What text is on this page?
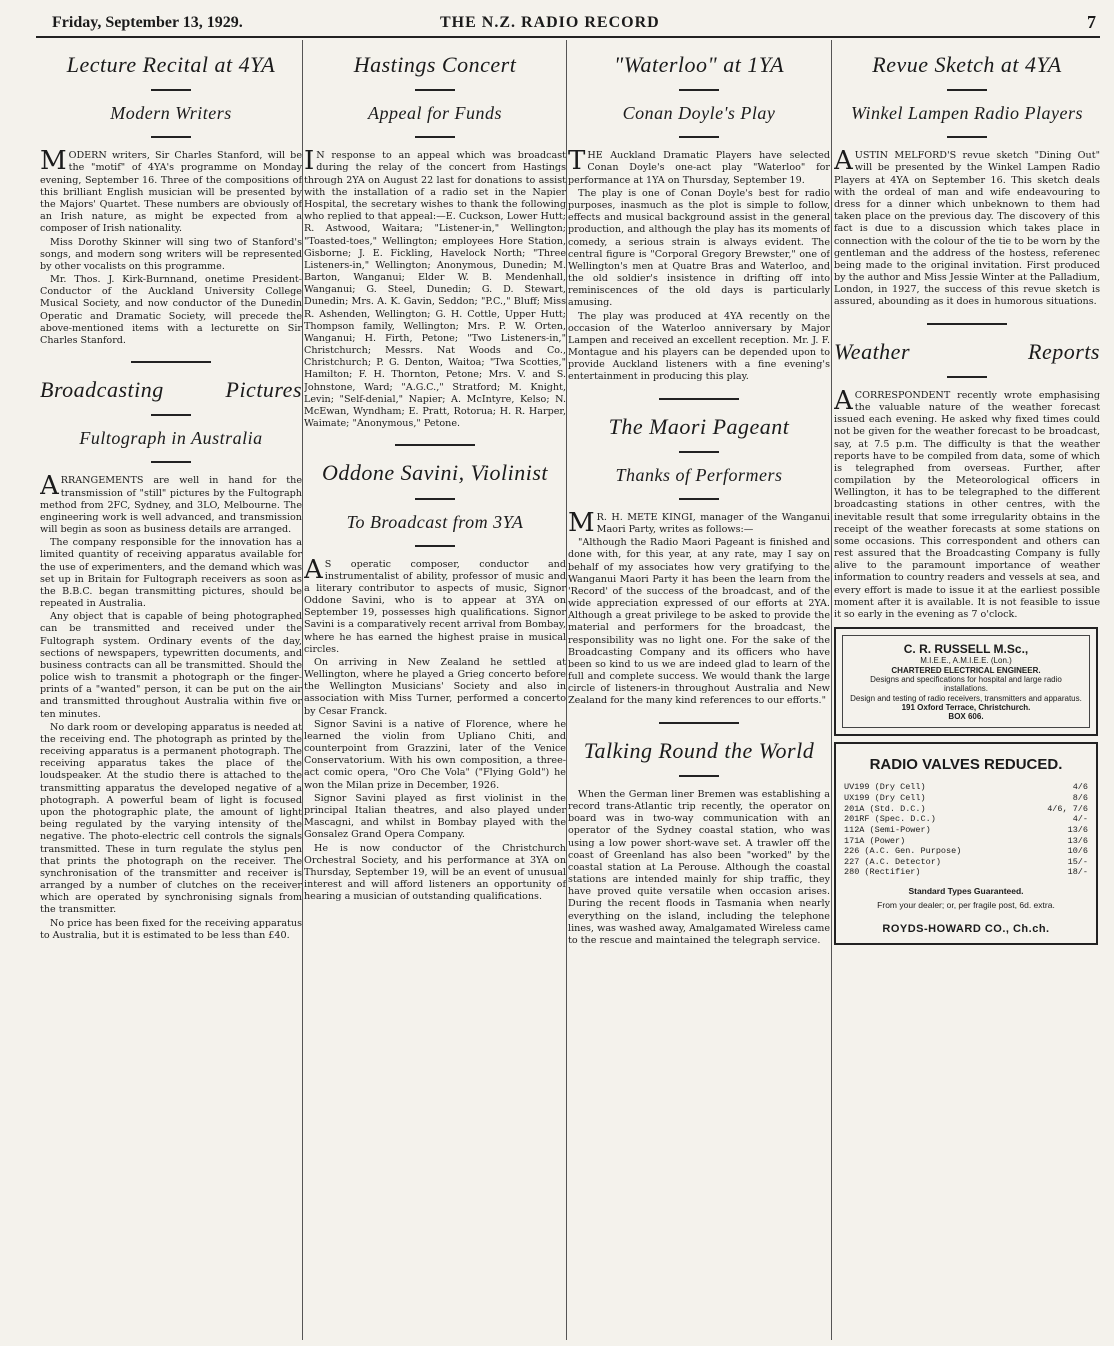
Friday, September 13, 1929.	THE N.Z. RADIO RECORD	7
Lecture Recital at 4YA
Modern Writers

MODERN writers, Sir Charles Stanford, will be the "motif" of 4YA's programme on Monday evening, September 16. Three of the compositions of this brilliant English musician will be presented by the Majors' Quartet. These numbers are obviously of an Irish nature, as might be expected from a composer of Irish nationality.

Miss Dorothy Skinner will sing two of Stanford's songs, and modern song writers will be represented by other vocalists on this programme.

Mr. Thos. J. Kirk-Burnnand, onetime President-Conductor of the Auckland University College Musical Society, and now conductor of the Dunedin Operatic and Dramatic Society, will precede the above-mentioned items with a lecturette on Sir Charles Stanford.

Broadcasting Pictures
Fultograph in Australia

ARRANGEMENTS are well in hand for the transmission of "still" pictures by the Fultograph method from 2FC, Sydney, and 3LO, Melbourne. The engineering work is well advanced, and transmission will begin as soon as business details are arranged.

The company responsible for the innovation has a limited quantity of receiving apparatus available for the use of experimenters, and the demand which was set up in Britain for Fultograph receivers as soon as the B.B.C. began transmitting pictures, should be repeated in Australia.

Any object that is capable of being photographed can be transmitted and received under the Fultograph system. Ordinary events of the day, sections of newspapers, typewritten documents, and business contracts can all be transmitted. Should the police wish to transmit a photograph or the finger-prints of a "wanted" person, it can be put on the air and transmitted throughout Australia within five or ten minutes.

No dark room or developing apparatus is needed at the receiving end. The photograph as printed by the receiving apparatus is a permanent photograph. The receiving apparatus takes the place of the loudspeaker. At the studio there is attached to the transmitting apparatus the developed negative of a photograph. A powerful beam of light is focused upon the photographic plate, the amount of light being regulated by the varying intensity of the negative. The photo-electric cell controls the signals transmitted. These in turn regulate the stylus pen that prints the photograph on the receiver. The synchronisation of the transmitter and receiver is arranged by a number of clutches on the receiver which are operated by synchronising signals from the transmitter.

No price has been fixed for the receiving apparatus to Australia, but it is estimated to be less than £40.

Hastings Concert
Appeal for Funds

IN response to an appeal which was broadcast during the relay of the concert from Hastings through 2YA on August 22 last for donations to assist with the installation of a radio set in the Napier Hospital, the secretary wishes to thank the following who replied to that appeal:—E. Cuckson, Lower Hutt; R. Astwood, Waitara; "Listener-in," Wellington; "Toasted-toes," Wellington; employees Hore Station, Gisborne; J. E. Fickling, Havelock North; "Three Listeners-in," Wellington; Anonymous, Dunedin; M. Barton, Wanganui; Elder W. B. Mendenhall, Wanganui; G. Steel, Dunedin; G. D. Stewart, Dunedin; Mrs. A. K. Gavin, Seddon; "P.C.," Bluff; Miss R. Ashenden, Wellington; G. H. Cottle, Upper Hutt; Thompson family, Wellington; Mrs. P. W. Orten, Wanganui; H. Firth, Petone; "Two Listeners-in," Christchurch; Messrs. Nat Woods and Co., Christchurch; P. G. Denton, Waitoa; "Twa Scotties," Hamilton; F. H. Thornton, Petone; Mrs. V. and S. Johnstone, Ward; "A.G.C.," Stratford; M. Knight, Levin; "Self-denial," Napier; A. McIntyre, Kelso; N. McEwan, Wyndham; E. Pratt, Rotorua; H. R. Harper, Waimate; "Anonymous," Petone.

Oddone Savini, Violinist
To Broadcast from 3YA

AS operatic composer, conductor and instrumentalist of ability, professor of music and a literary contributor to aspects of music, Signor Oddone Savini, who is to appear at 3YA on September 19, possesses high qualifications. Signor Savini is a comparatively recent arrival from Bombay, where he has earned the highest praise in musical circles.

On arriving in New Zealand he settled at Wellington, where he played a Grieg concerto before the Wellington Musicians' Society and also in association with Miss Turner, performed a concerto by Cesar Franck.

Signor Savini is a native of Florence, where he learned the violin from Upliano Chiti, and counterpoint from Grazzini, later of the Venice Conservatorium. With his own composition, a three-act comic opera, "Oro Che Vola" ("Flying Gold") he won the Milan prize in December, 1926.

Signor Savini played as first violinist in the principal Italian theatres, and also played under Mascagni, and whilst in Bombay played with the Gonsalez Grand Opera Company.

He is now conductor of the Christchurch Orchestral Society, and his performance at 3YA on Thursday, September 19, will be an event of unusual interest and will afford listeners an opportunity of hearing a musician of outstanding qualifications.

"Waterloo" at 1YA
Conan Doyle's Play

THE Auckland Dramatic Players have selected Conan Doyle's one-act play "Waterloo" for performance at 1YA on Thursday, September 19.

The play is one of Conan Doyle's best for radio purposes, inasmuch as the plot is simple to follow, effects and musical background assist in the general production, and although the play has its moments of comedy, a serious strain is always evident. The central figure is "Corporal Gregory Brewster," one of Wellington's men at Quatre Bras and Waterloo, and the old soldier's insistence in drifting off into reminiscences of the old days is particularly amusing.

The play was produced at 4YA recently on the occasion of the Waterloo anniversary by Major Lampen and received an excellent reception. Mr. J. F. Montague and his players can be depended upon to provide Auckland listeners with a fine evening's entertainment in producing this play.

The Maori Pageant
Thanks of Performers

MR. H. METE KINGI, manager of the Wanganui Maori Party, writes as follows:—

"Although the Radio Maori Pageant is finished and done with, for this year, at any rate, may I say on behalf of my associates how very gratifying to the Wanganui Maori Party it has been the learn from the 'Record' of the success of the broadcast, and of the wide appreciation expressed of our efforts at 2YA. Although a great privilege to be asked to provide the material and performers for the broadcast, the responsibility was no light one. For the sake of the Broadcasting Company and its officers who have been so kind to us we are indeed glad to learn of the full and complete success. We would thank the large circle of listeners-in throughout Australia and New Zealand for the many kind references to our efforts."

Talking Round the World

When the German liner Bremen was establishing a record trans-Atlantic trip recently, the operator on board was in two-way communication with an operator of the Sydney coastal station, who was using a low power short-wave set. A trawler off the coast of Greenland has also been "worked" by the coastal station at La Perouse. Although the coastal stations are intended mainly for ship traffic, they have proved quite versatile when occasion arises. During the recent floods in Tasmania when nearly everything on the island, including the telephone lines, was washed away, Amalgamated Wireless came to the rescue and maintained the telegraph service.

Revue Sketch at 4YA
Winkel Lampen Radio Players

AUSTIN MELFORD'S revue sketch "Dining Out" will be presented by the Winkel Lampen Radio Players at 4YA on September 16. This sketch deals with the ordeal of man and wife endeavouring to dress for a dinner which unbeknown to them had taken place on the previous day. The discovery of this fact is due to a discussion which takes place in connection with the colour of the tie to be worn by the gentleman and the address of the hostess, referenec being made to the original invitation. First produced by the author and Miss Jessie Winter at the Palladium, London, in 1927, the success of this revue sketch is assured, abounding as it does in humorous situations.

Weather Reports

ACORRESPONDENT recently wrote emphasising the valuable nature of the weather forecast issued each evening. He asked why fixed times could not be given for the weather forecast to be broadcast, say, at 7.5 p.m. The difficulty is that the weather reports have to be compiled from data, some of which is telegraphed from overseas. Further, after compilation by the Meteorological officers in Wellington, it has to be telegraphed to the different broadcasting stations in other centres, with the inevitable result that some irregularity obtains in the receipt of the weather forecasts at some stations on some occasions. This correspondent and others can rest assured that the Broadcasting Company is fully alive to the paramount importance of weather information to country readers and vessels at sea, and every effort is made to issue it at the earliest possible moment after it is available. It is not feasible to issue it so early in the evening as 7 o'clock.

C. R. RUSSELL M.Sc.,
M.I.E.E., A.M.I.E.E. (Lon.)
CHARTERED ELECTRICAL ENGINEER.
Designs and specifications for hospital and large radio installations.
Design and testing of radio receivers, transmitters and apparatus.
191 Oxford Terrace, Christchurch.
BOX 606.
RADIO VALVES REDUCED.
UV199 (Dry Cell)	4/6
UX199 (Dry Cell)	8/6
201A (Std. D.C.)	4/6, 7/6
201RF (Spec. D.C.)	4/-
112A (Semi-Power)	13/6
171A (Power)	13/6
226 (A.C. Gen. Purpose)	10/6
227 (A.C. Detector)	15/-
280 (Rectifier)	18/-
Standard Types Guaranteed.
From your dealer; or, per fragile post, 6d. extra.
ROYDS-HOWARD CO., Ch.ch.
